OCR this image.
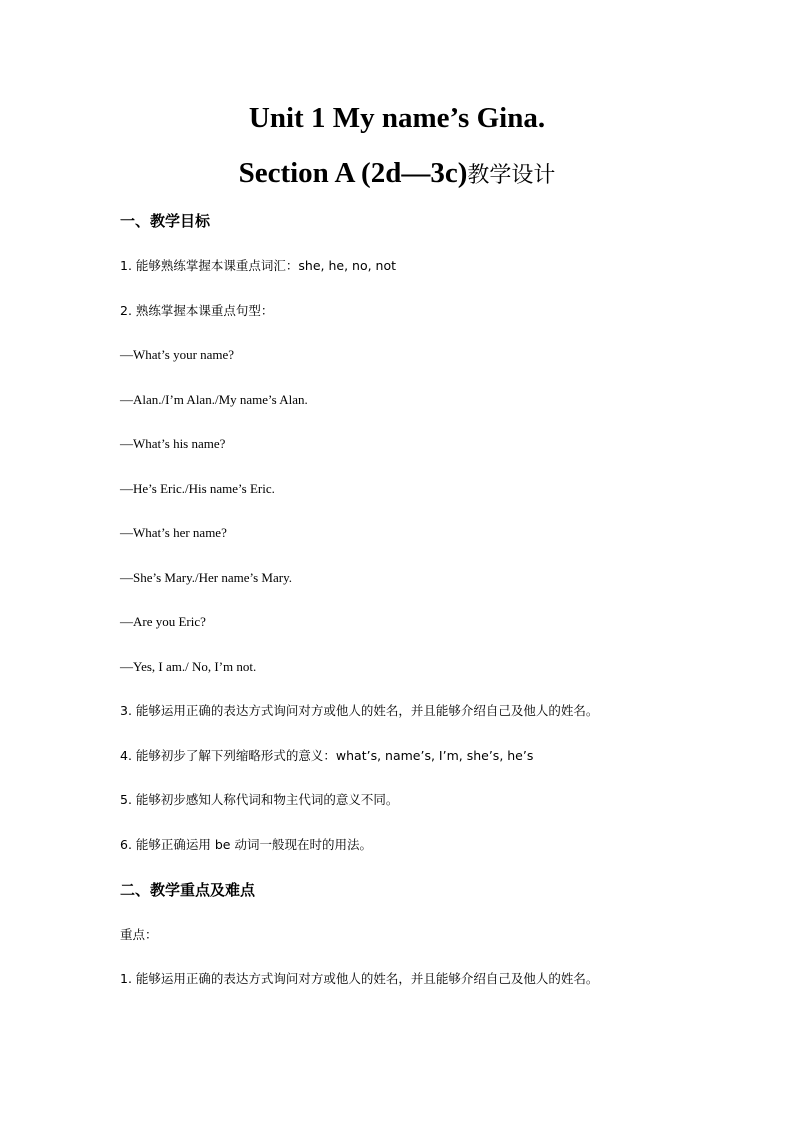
Unit 1 My name’s Gina.
Section A (2d—3c)教学设计
一、教学目标
1. 能够熟练掌握本课重点词汇：she, he, no, not
2. 熟练掌握本课重点句型：
—What’s your name?
—Alan./I’m Alan./My name’s Alan.
—What’s his name?
—He’s Eric./His name’s Eric.
—What’s her name?
—She’s Mary./Her name’s Mary.
—Are you Eric?
—Yes, I am./ No, I’m not.
3. 能够运用正确的表达方式询问对方或他人的姓名，并且能够介绍自己及他人的姓名。
4. 能够初步了解下列缩略形式的意义：what’s, name’s, I’m, she’s, he’s
5. 能够初步感知人称代词和物主代词的意义不同。
6. 能够正确运用 be 动词一般现在时的用法。
二、教学重点及难点
重点：
1. 能够运用正确的表达方式询问对方或他人的姓名，并且能够介绍自己及他人的姓名。
